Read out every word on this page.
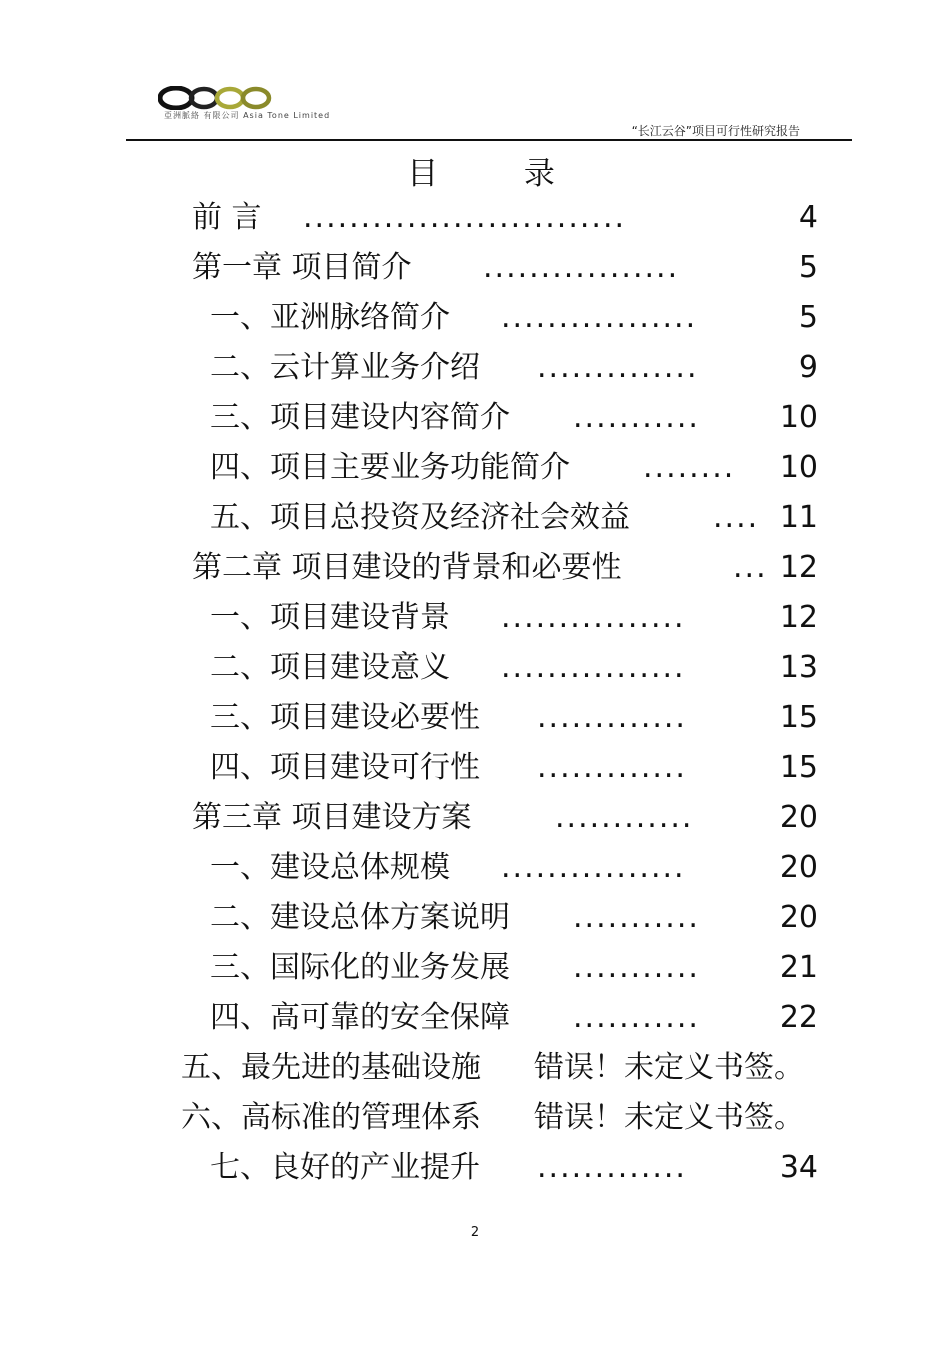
亞洲脈絡 有限公司 Asia Tone Limited
“长江云谷”项目可行性研究报告
目 录
前 言 ............................	4
第一章 项目简介 .................	5
一、亚洲脉络简介 .................	5
二、云计算业务介绍 ..............	9
三、项目建设内容简介 ...........	10
四、项目主要业务功能简介 ........ 10
五、项目总投资及经济社会效益	.... 11
第二章 项目建设的背景和必要性	... 12
一、项目建设背景 ................	12
二、项目建设意义 ................	13
三、项目建设必要性 .............	15
四、项目建设可行性 .............	15
第三章 项目建设方案	............	20
一、建设总体规模 ................	20
二、建设总体方案说明 ...........	20
三、国际化的业务发展 ...........	21
四、高可靠的安全保障 ...........	22
五、最先进的基础设施 错误！未定义书签。
六、高标准的管理体系 错误！未定义书签。
七、良好的产业提升 .............	34
2
